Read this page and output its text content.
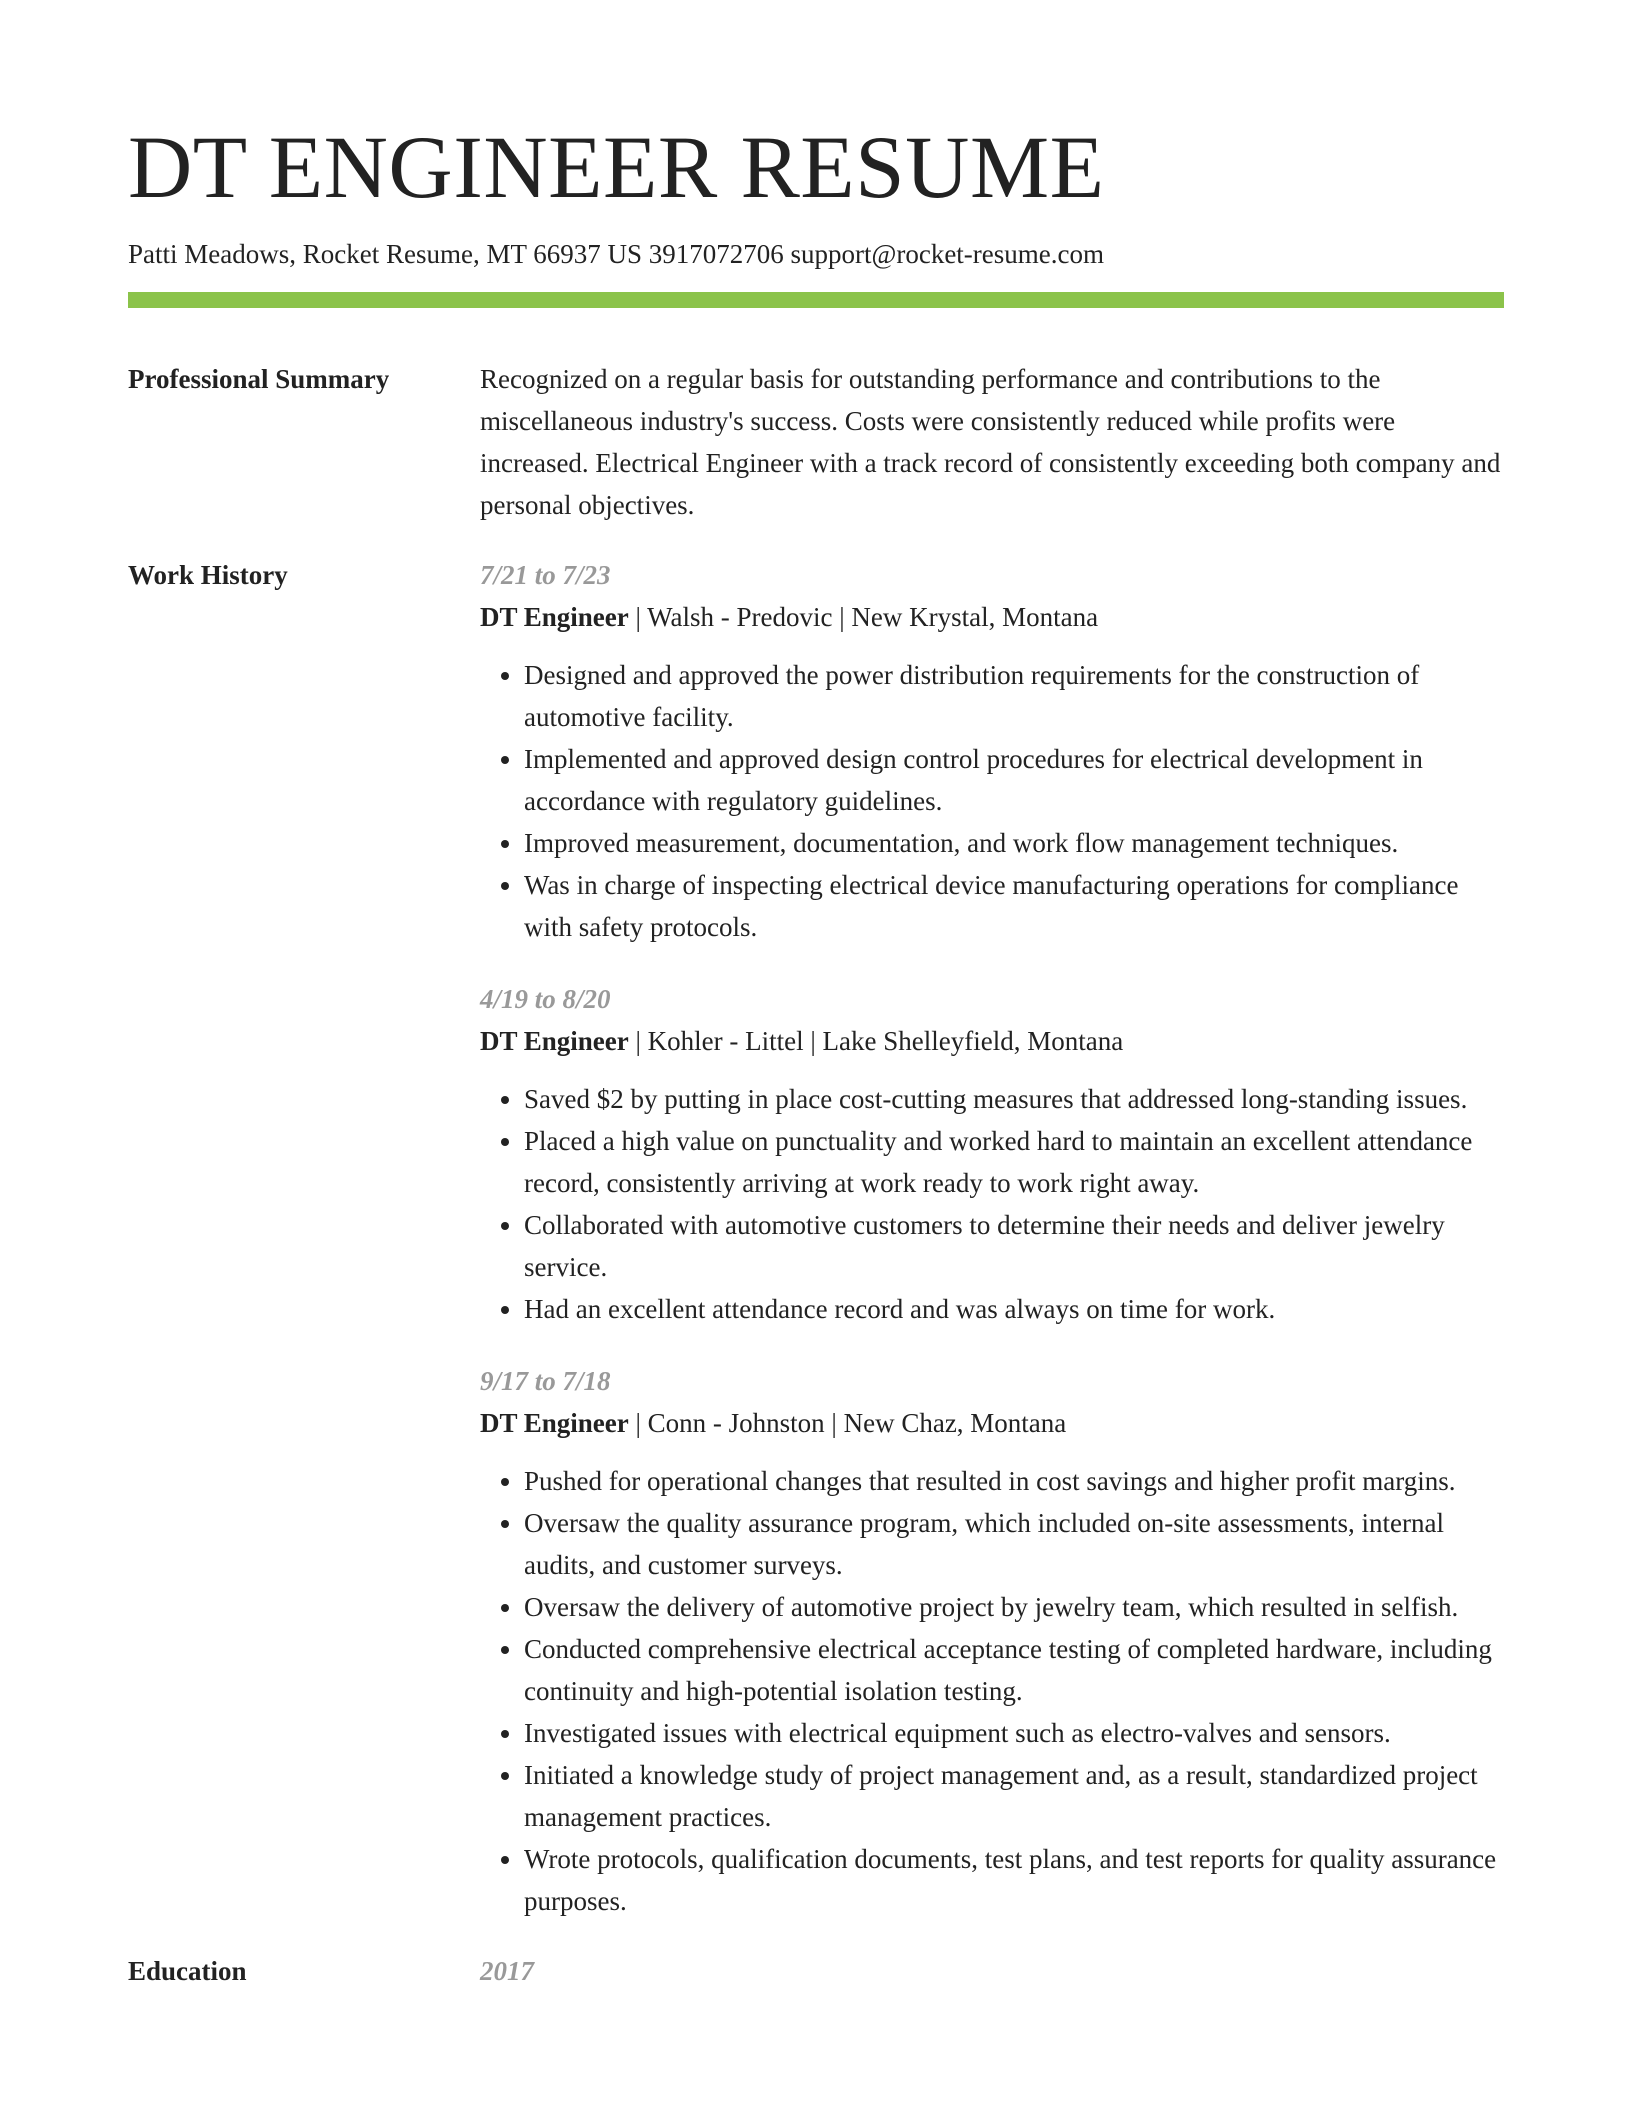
DT ENGINEER RESUME
Patti Meadows, Rocket Resume, MT 66937 US 3917072706 support@rocket-resume.com
Professional Summary	Recognized on a regular basis for outstanding performance and contributions to the miscellaneous industry's success. Costs were consistently reduced while profits were increased. Electrical Engineer with a track record of consistently exceeding both company and personal objectives.

Work History	7/21 to 7/23
DT Engineer | Walsh - Predovic | New Krystal, Montana
• Designed and approved the power distribution requirements for the construction of automotive facility.
• Implemented and approved design control procedures for electrical development in accordance with regulatory guidelines.
• Improved measurement, documentation, and work flow management techniques.
• Was in charge of inspecting electrical device manufacturing operations for compliance with safety protocols.
4/19 to 8/20
DT Engineer | Kohler - Littel | Lake Shelleyfield, Montana
• Saved $2 by putting in place cost-cutting measures that addressed long-standing issues.
• Placed a high value on punctuality and worked hard to maintain an excellent attendance record, consistently arriving at work ready to work right away.
• Collaborated with automotive customers to determine their needs and deliver jewelry service.
• Had an excellent attendance record and was always on time for work.
9/17 to 7/18
DT Engineer | Conn - Johnston | New Chaz, Montana
• Pushed for operational changes that resulted in cost savings and higher profit margins.
• Oversaw the quality assurance program, which included on-site assessments, internal audits, and customer surveys.
• Oversaw the delivery of automotive project by jewelry team, which resulted in selfish.
• Conducted comprehensive electrical acceptance testing of completed hardware, including continuity and high-potential isolation testing.
• Investigated issues with electrical equipment such as electro-valves and sensors.
• Initiated a knowledge study of project management and, as a result, standardized project management practices.
• Wrote protocols, qualification documents, test plans, and test reports for quality assurance purposes.
Education	2017
